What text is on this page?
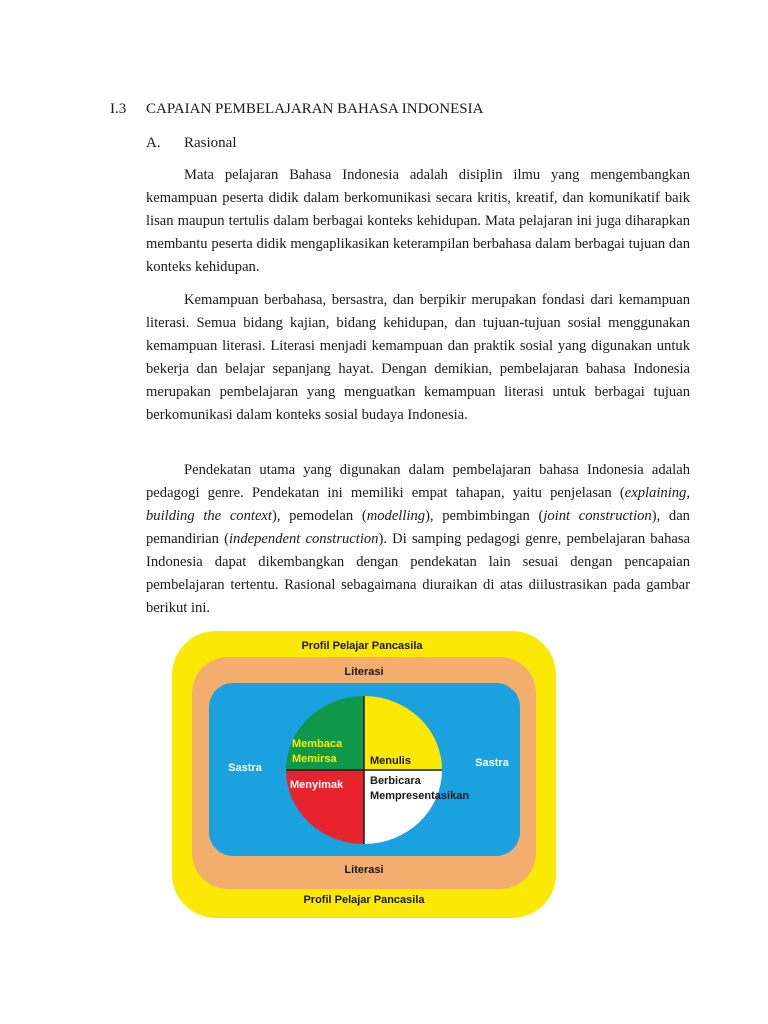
I.3 CAPAIAN PEMBELAJARAN BAHASA INDONESIA
A. Rasional

Mata pelajaran Bahasa Indonesia adalah disiplin ilmu yang mengembangkan kemampuan peserta didik dalam berkomunikasi secara kritis, kreatif, dan komunikatif baik lisan maupun tertulis dalam berbagai konteks kehidupan. Mata pelajaran ini juga diharapkan membantu peserta didik mengaplikasikan keterampilan berbahasa dalam berbagai tujuan dan konteks kehidupan.

Kemampuan berbahasa, bersastra, dan berpikir merupakan fondasi dari kemampuan literasi. Semua bidang kajian, bidang kehidupan, dan tujuan-tujuan sosial menggunakan kemampuan literasi. Literasi menjadi kemampuan dan praktik sosial yang digunakan untuk bekerja dan belajar sepanjang hayat. Dengan demikian, pembelajaran bahasa Indonesia merupakan pembelajaran yang menguatkan kemampuan literasi untuk berbagai tujuan berkomunikasi dalam konteks sosial budaya Indonesia.

Pendekatan utama yang digunakan dalam pembelajaran bahasa Indonesia adalah pedagogi genre. Pendekatan ini memiliki empat tahapan, yaitu penjelasan (explaining, building the context), pemodelan (modelling), pembimbingan (joint construction), dan pemandirian (independent construction). Di samping pedagogi genre, pembelajaran bahasa Indonesia dapat dikembangkan dengan pendekatan lain sesuai dengan pencapaian pembelajaran tertentu. Rasional sebagaimana diuraikan di atas diilustrasikan pada gambar berikut ini.

Profil Pelajar Pancasila
Literasi
Sastra	Sastra
Literasi
Profil Pelajar Pancasila
Membaca
Memirsa	Menulis
Menyimak Berbicara
Mempresentasikan
